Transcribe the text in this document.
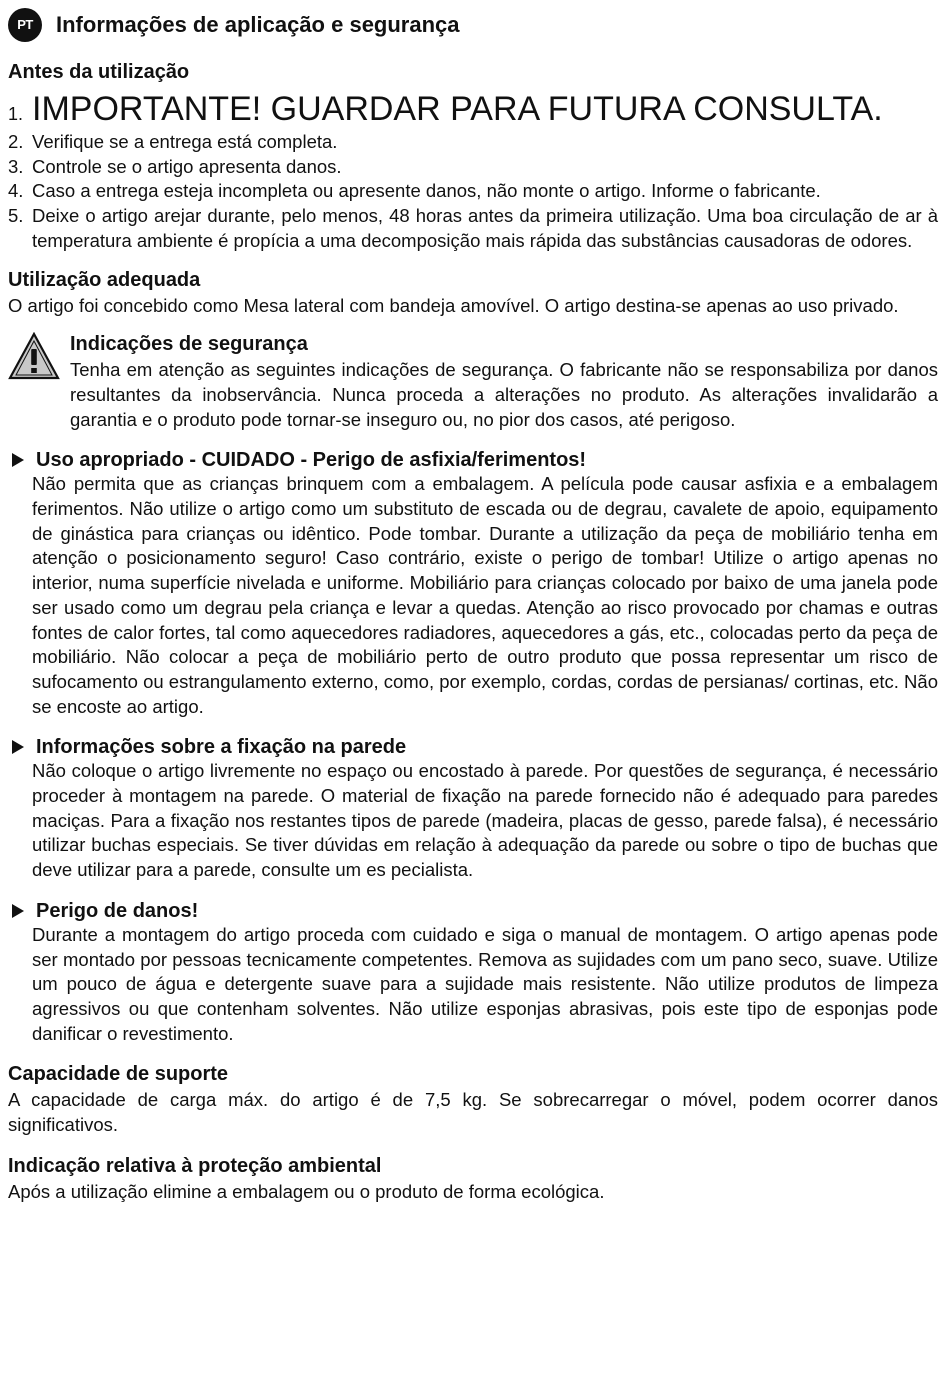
PT	Informações de aplicação e segurança
Antes da utilização
1. IMPORTANTE! GUARDAR PARA FUTURA CONSULTA.
2. Verifique se a entrega está completa.
3. Controle se o artigo apresenta danos.
4. Caso a entrega esteja incompleta ou apresente danos, não monte o artigo. Informe o fabricante.
5. Deixe o artigo arejar durante, pelo menos, 48 horas antes da primeira utilização. Uma boa circulação de ar à temperatura ambiente é propícia a uma decomposição mais rápida das substâncias causadoras de odores.
Utilização adequada

O artigo foi concebido como Mesa lateral com bandeja amovível. O artigo destina-se apenas ao uso privado.

Indicações de segurança

Tenha em atenção as seguintes indicações de segurança. O fabricante não se responsabiliza por danos resultantes da inobservância. Nunca proceda a alterações no produto. As alterações invalidarão a garantia e o produto pode tornar-se inseguro ou, no pior dos casos, até perigoso.

Uso apropriado - CUIDADO - Perigo de asfixia/ferimentos!

Não permita que as crianças brinquem com a embalagem. A película pode causar asfixia e a embalagem ferimentos. Não utilize o artigo como um substituto de escada ou de degrau, cavalete de apoio, equipamento de ginástica para crianças ou idêntico. Pode tombar. Durante a utilização da peça de mobiliário tenha em atenção o posicionamento seguro! Caso contrário, existe o perigo de tombar! Utilize o artigo apenas no interior, numa superfície nivelada e uniforme. Mobiliário para crianças colocado por baixo de uma janela pode ser usado como um degrau pela criança e levar a quedas. Atenção ao risco provocado por chamas e outras fontes de calor fortes, tal como aquecedores radiadores, aquecedores a gás, etc., colocadas perto da peça de mobiliário. Não colocar a peça de mobiliário perto de outro produto que possa representar um risco de sufocamento ou estrangulamento externo, como, por exemplo, cordas, cordas de persianas/ cortinas, etc. Não se encoste ao artigo.

Informações sobre a fixação na parede

Não coloque o artigo livremente no espaço ou encostado à parede. Por questões de segurança, é necessário proceder à montagem na parede. O material de fixação na parede fornecido não é adequado para paredes maciças. Para a fixação nos restantes tipos de parede (madeira, placas de gesso, parede falsa), é necessário utilizar buchas especiais. Se tiver dúvidas em relação à adequação da parede ou sobre o tipo de buchas que deve utilizar para a parede, consulte um es pecialista.

Perigo de danos!

Durante a montagem do artigo proceda com cuidado e siga o manual de montagem. O artigo apenas pode ser montado por pessoas tecnicamente competentes. Remova as sujidades com um pano seco, suave. Utilize um pouco de água e detergente suave para a sujidade mais resistente. Não utilize produtos de limpeza agressivos ou que contenham solventes. Não utilize esponjas abrasivas, pois este tipo de esponjas pode danificar o revestimento.

Capacidade de suporte

A capacidade de carga máx. do artigo é de 7,5 kg. Se sobrecarregar o móvel, podem ocorrer danos significativos.

Indicação relativa à proteção ambiental

Após a utilização elimine a embalagem ou o produto de forma ecológica.
